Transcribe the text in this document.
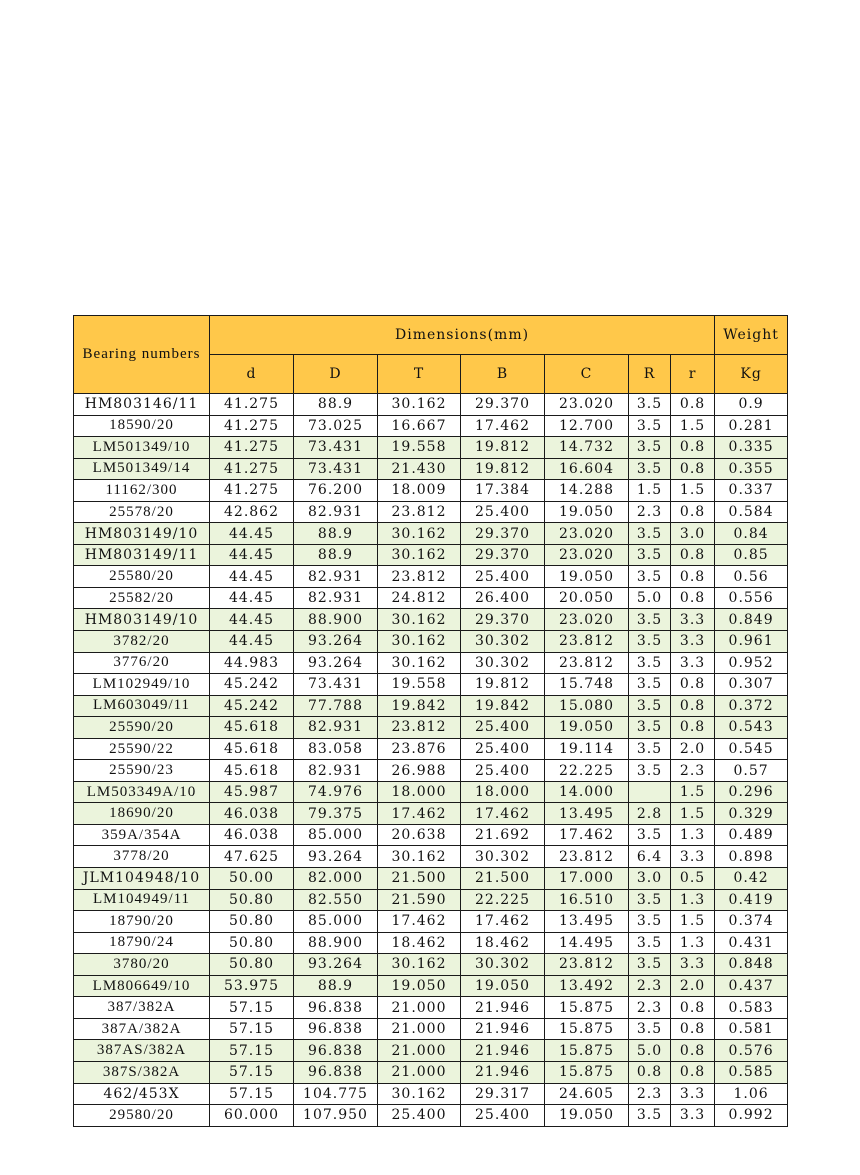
Bearing numbers	Dimensions(mm)							Weight
	d	D	T	B	C	R	r	Kg
HM803146/11	41.275	88.9	30.162	29.370	23.020	3.5	0.8	0.9
18590/20	41.275	73.025	16.667	17.462	12.700	3.5	1.5	0.281
LM501349/10	41.275	73.431	19.558	19.812	14.732	3.5	0.8	0.335
LM501349/14	41.275	73.431	21.430	19.812	16.604	3.5	0.8	0.355
11162/300	41.275	76.200	18.009	17.384	14.288	1.5	1.5	0.337
25578/20	42.862	82.931	23.812	25.400	19.050	2.3	0.8	0.584
HM803149/10	44.45	88.9	30.162	29.370	23.020	3.5	3.0	0.84
HM803149/11	44.45	88.9	30.162	29.370	23.020	3.5	0.8	0.85
25580/20	44.45	82.931	23.812	25.400	19.050	3.5	0.8	0.56
25582/20	44.45	82.931	24.812	26.400	20.050	5.0	0.8	0.556
HM803149/10	44.45	88.900	30.162	29.370	23.020	3.5	3.3	0.849
3782/20	44.45	93.264	30.162	30.302	23.812	3.5	3.3	0.961
3776/20	44.983	93.264	30.162	30.302	23.812	3.5	3.3	0.952
LM102949/10	45.242	73.431	19.558	19.812	15.748	3.5	0.8	0.307
LM603049/11	45.242	77.788	19.842	19.842	15.080	3.5	0.8	0.372
25590/20	45.618	82.931	23.812	25.400	19.050	3.5	0.8	0.543
25590/22	45.618	83.058	23.876	25.400	19.114	3.5	2.0	0.545
25590/23	45.618	82.931	26.988	25.400	22.225	3.5	2.3	0.57
LM503349A/10	45.987	74.976	18.000	18.000	14.000		1.5	0.296
18690/20	46.038	79.375	17.462	17.462	13.495	2.8	1.5	0.329
359A/354A	46.038	85.000	20.638	21.692	17.462	3.5	1.3	0.489
3778/20	47.625	93.264	30.162	30.302	23.812	6.4	3.3	0.898
JLM104948/10	50.00	82.000	21.500	21.500	17.000	3.0	0.5	0.42
LM104949/11	50.80	82.550	21.590	22.225	16.510	3.5	1.3	0.419
18790/20	50.80	85.000	17.462	17.462	13.495	3.5	1.5	0.374
18790/24	50.80	88.900	18.462	18.462	14.495	3.5	1.3	0.431
3780/20	50.80	93.264	30.162	30.302	23.812	3.5	3.3	0.848
LM806649/10	53.975	88.9	19.050	19.050	13.492	2.3	2.0	0.437
387/382A	57.15	96.838	21.000	21.946	15.875	2.3	0.8	0.583
387A/382A	57.15	96.838	21.000	21.946	15.875	3.5	0.8	0.581
387AS/382A	57.15	96.838	21.000	21.946	15.875	5.0	0.8	0.576
387S/382A	57.15	96.838	21.000	21.946	15.875	0.8	0.8	0.585
462/453X	57.15	104.775	30.162	29.317	24.605	2.3	3.3	1.06
29580/20	60.000	107.950	25.400	25.400	19.050	3.5	3.3	0.992
